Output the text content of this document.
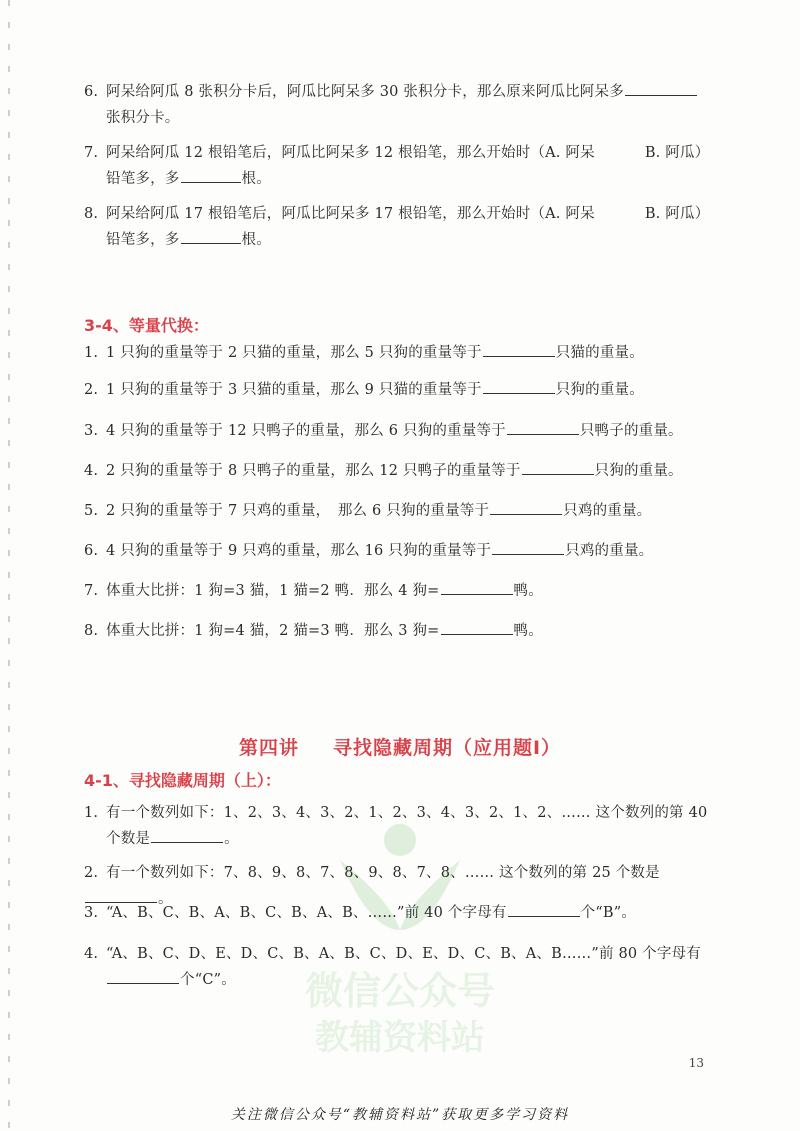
微信公众号
教辅资料站
6. 阿呆给阿瓜 8 张积分卡后，阿瓜比阿呆多 30 张积分卡，那么原来阿瓜比阿呆多
张积分卡。
7. 阿呆给阿瓜 12 根铅笔后，阿瓜比阿呆多 12 根铅笔，那么开始时（A. 阿呆	B. 阿瓜）
铅笔多，多	根。
8. 阿呆给阿瓜 17 根铅笔后，阿瓜比阿呆多 17 根铅笔，那么开始时（A. 阿呆	B. 阿瓜）
铅笔多，多	根。
3-4、等量代换：
1. 1 只狗的重量等于 2 只猫的重量，那么 5 只狗的重量等于	只猫的重量。
2. 1 只狗的重量等于 3 只猫的重量，那么 9 只猫的重量等于	只狗的重量。
3. 4 只狗的重量等于 12 只鸭子的重量，那么 6 只狗的重量等于	只鸭子的重量。
4. 2 只狗的重量等于 8 只鸭子的重量，那么 12 只鸭子的重量等于	只狗的重量。
5. 2 只狗的重量等于 7 只鸡的重量，　那么 6 只狗的重量等于	只鸡的重量。
6. 4 只狗的重量等于 9 只鸡的重量，那么 16 只狗的重量等于	只鸡的重量。
7. 体重大比拼：1 狗=3 猫，1 猫=2 鸭．那么 4 狗=	鸭。
8. 体重大比拼：1 狗=4 猫，2 猫=3 鸭．那么 3 狗=	鸭。
第四讲 寻找隐藏周期（应用题Ⅰ）
4-1、寻找隐藏周期（上）：
1. 有一个数列如下：1、2、3、4、3、2、1、2、3、4、3、2、1、2、…… 这个数列的第 40
个数是	。
2. 有一个数列如下：7、8、9、8、7、8、9、8、7、8、…… 这个数列的第 25 个数是。
3. “A、B、C、B、A、B、C、B、A、B、……”前 40 个字母有	个“B”。
4. “A、B、C、D、E、D、C、B、A、B、C、D、E、D、C、B、A、B……”前 80 个字母有
个“C”。
13
关注微信公众号“教辅资料站”获取更多学习资料
